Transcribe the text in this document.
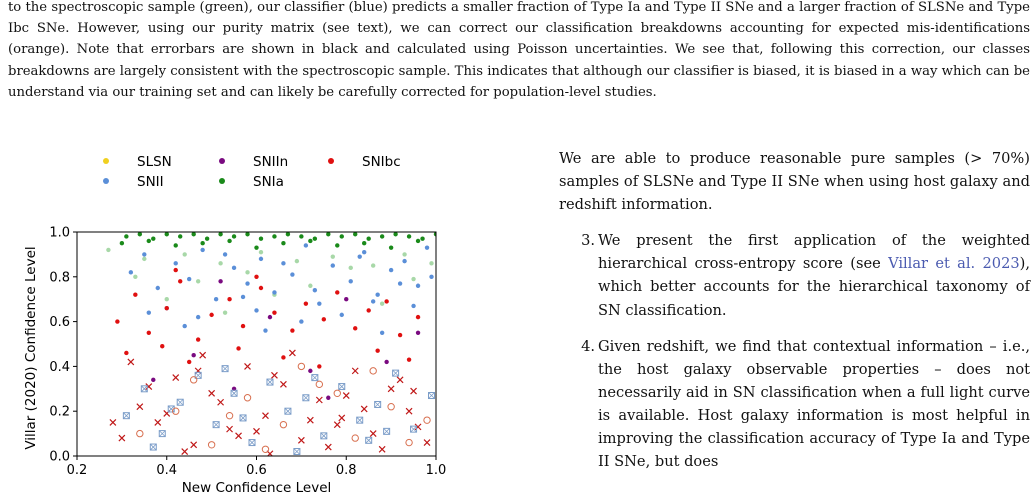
to the spectroscopic sample (green), our classifier (blue) predicts a smaller fraction of Type Ia and Type II SNe and a larger fraction of SLSNe and Type Ibc SNe. However, using our purity matrix (see text), we can correct our classification breakdowns accounting for expected mis-identifications (orange). Note that errorbars are shown in black and calculated using Poisson uncertainties. We see that, following this correction, our classes breakdowns are largely consistent with the spectroscopic sample. This indicates that although our classifier is biased, it is biased in a way which can be understand via our training set and can likely be carefully corrected for population-level studies.

0.2	0.4	0.6	0.8	1.0
0.0
0.2
0.4
0.6
0.8
1.0
New Confidence Level
Villar (2020) Confidence Level
SLSN	SNIIn	SNIbc
SNII	SNIa

We are able to produce reasonable pure samples (> 70%) samples of SLSNe and Type II SNe when using host galaxy and redshift information.

3. We present the first application of the weighted hierarchical cross-entropy score (see Villar et al. 2023), which better accounts for the hierarchical taxonomy of SN classification.
4. Given redshift, we find that contextual information – i.e., the host galaxy observable properties – does not necessarily aid in SN classification when a full light curve is available. Host galaxy information is most helpful in improving the classification accuracy of Type Ia and Type II SNe, but does
